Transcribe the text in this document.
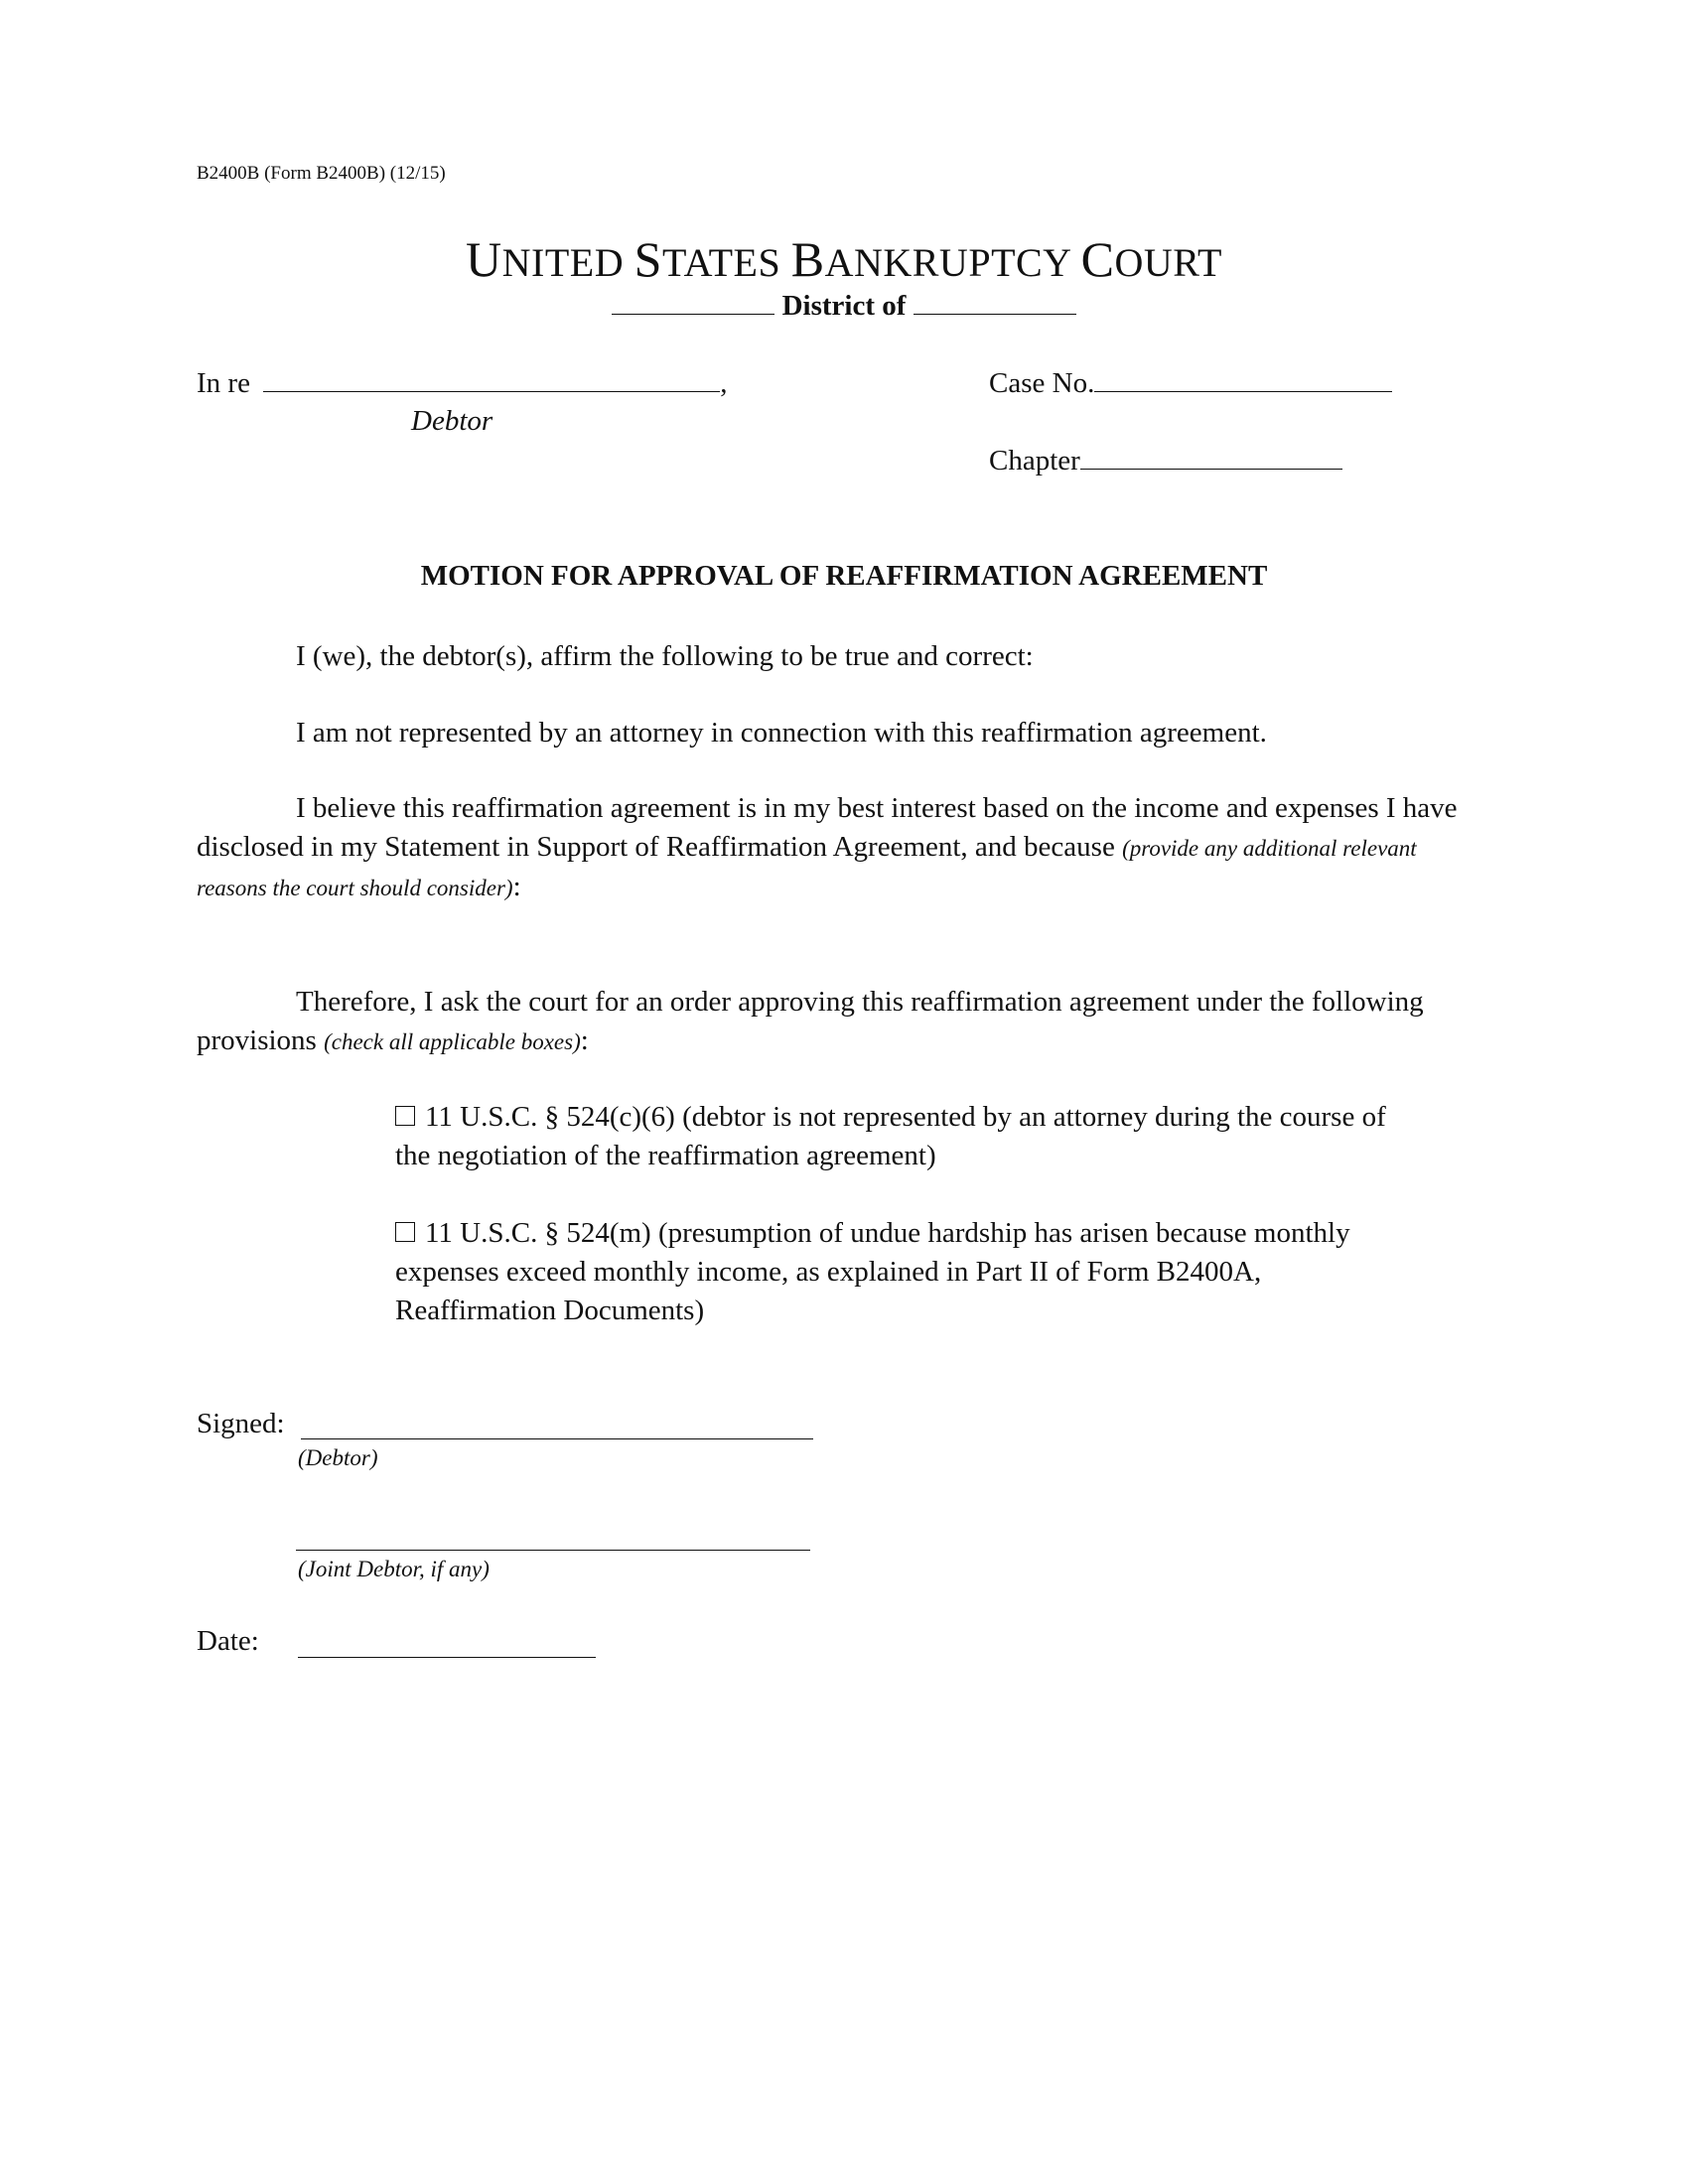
B2400B (Form B2400B) (12/15)
UNITED STATES BANKRUPTCY COURT
District of
In re	,
Debtor
Case No.
Chapter
MOTION FOR APPROVAL OF REAFFIRMATION AGREEMENT
I (we), the debtor(s), affirm the following to be true and correct:
I am not represented by an attorney in connection with this reaffirmation agreement.
I believe this reaffirmation agreement is in my best interest based on the income and expenses I have disclosed in my Statement in Support of Reaffirmation Agreement, and because (provide any additional relevant reasons the court should consider):
Therefore, I ask the court for an order approving this reaffirmation agreement under the following provisions (check all applicable boxes):
11 U.S.C. § 524(c)(6) (debtor is not represented by an attorney during the course of the negotiation of the reaffirmation agreement)
11 U.S.C. § 524(m) (presumption of undue hardship has arisen because monthly expenses exceed monthly income, as explained in Part II of Form B2400A, Reaffirmation Documents)
Signed:
(Debtor)
(Joint Debtor, if any)
Date:
